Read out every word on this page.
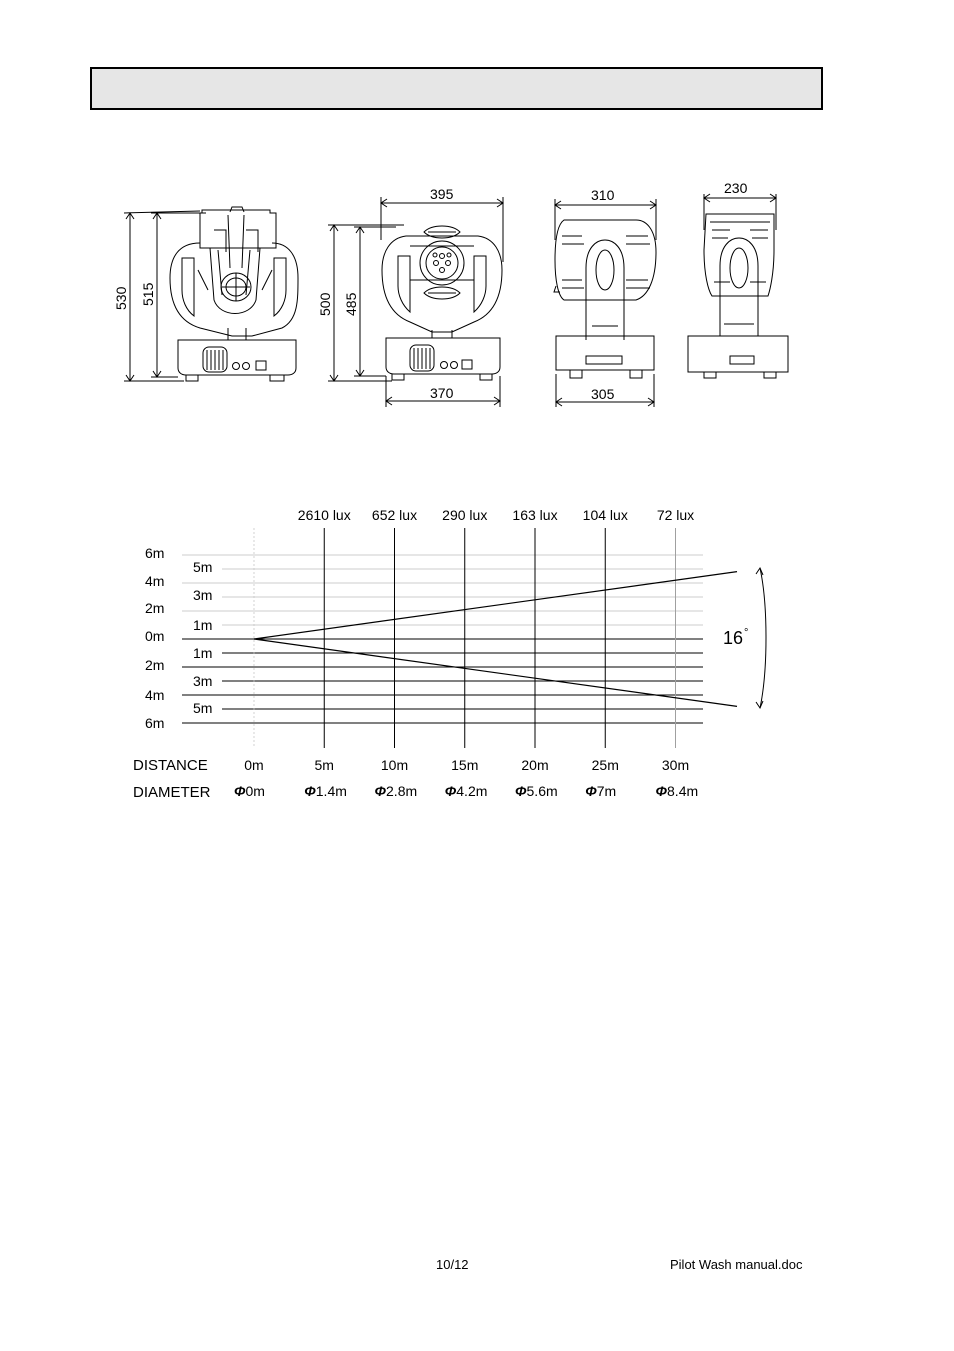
530 515	500 485
395
370
310
305
230
16 °
2610 lux 652 lux 290 lux 163 lux 104 lux 72 lux
6m
4m
2m
0m
2m
4m
6m
5m
3m
1m
1m
3m
5m
DISTANCE
DIAMETER
0m	5m	10m	15m	20m	25m	30m
Φ0m	Φ1.4m Φ2.8m Φ4.2m Φ5.6m Φ7m	Φ8.4m
10/12	Pilot Wash manual.doc
